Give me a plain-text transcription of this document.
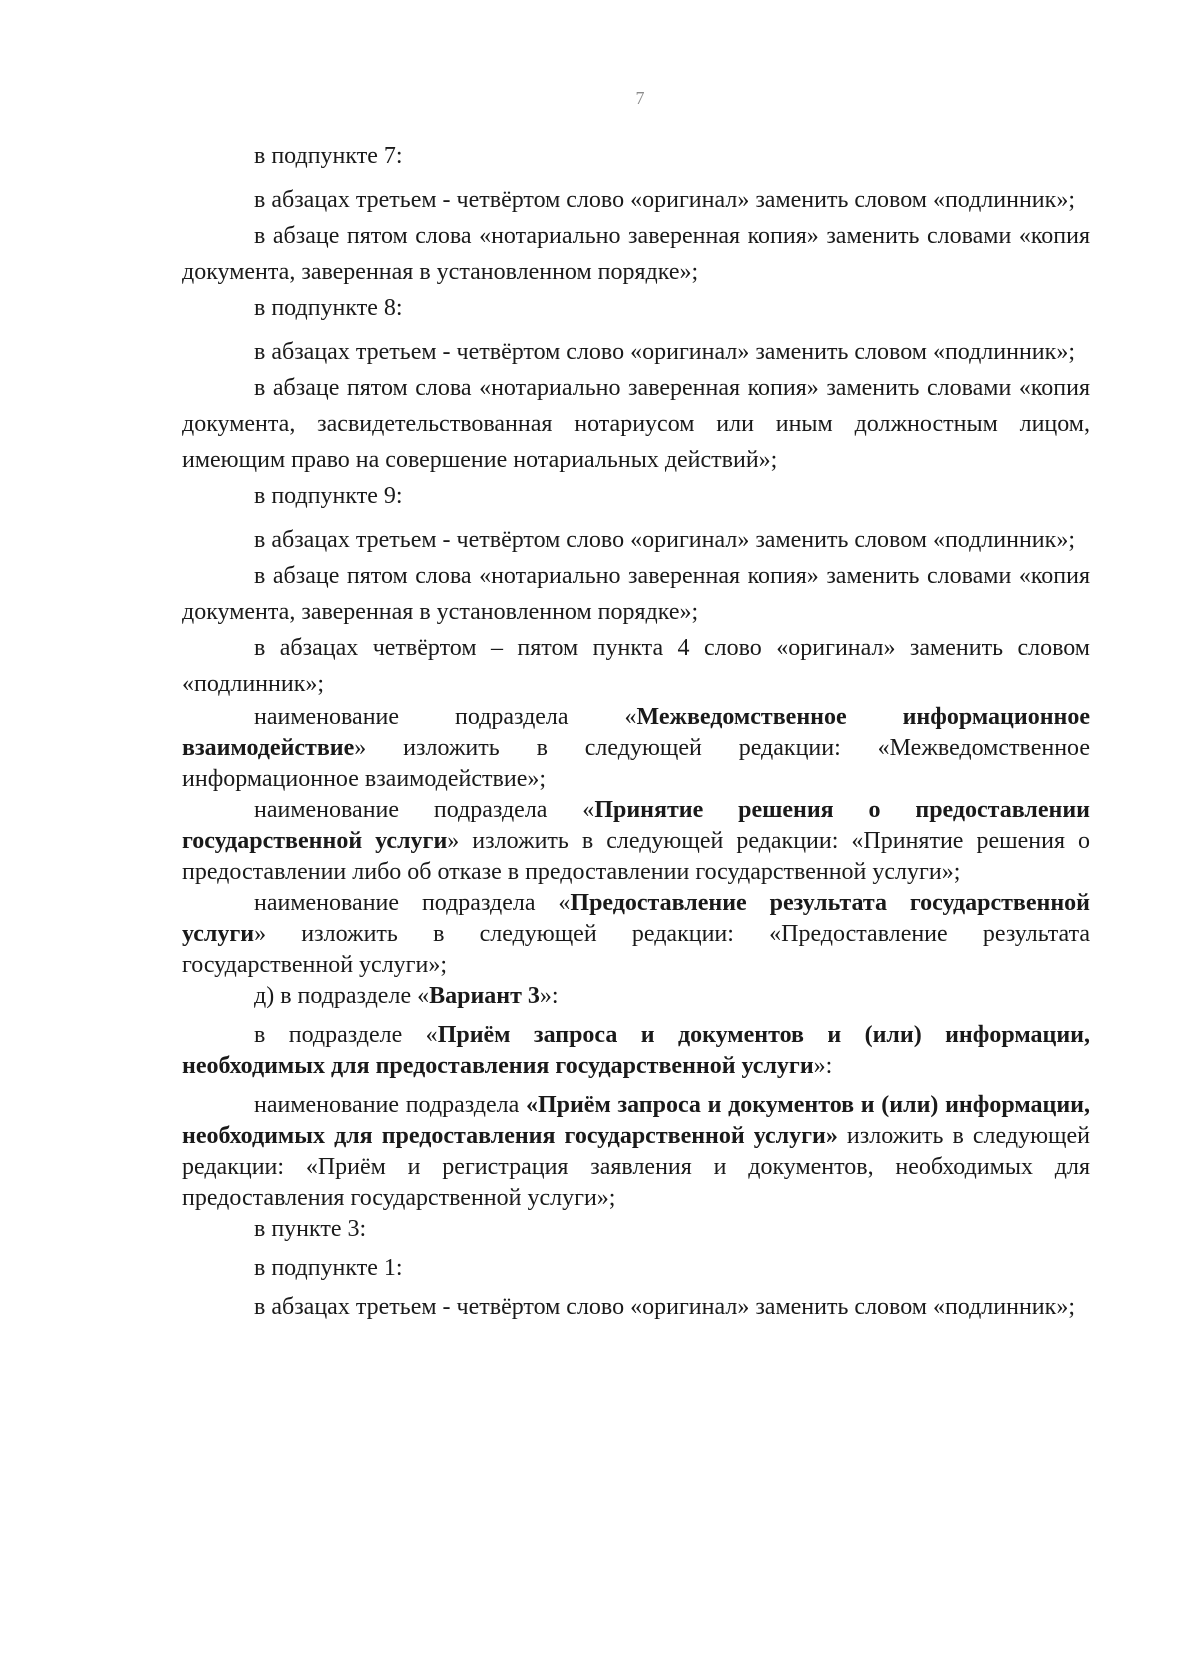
7

в подпункте 7:

в абзацах третьем - четвёртом слово «оригинал» заменить словом «подлинник»;

в абзаце пятом слова «нотариально заверенная копия» заменить словами «копия документа, заверенная в установленном порядке»;

в подпункте 8:

в абзацах третьем - четвёртом слово «оригинал» заменить словом «подлинник»;

в абзаце пятом слова «нотариально заверенная копия» заменить словами «копия документа, засвидетельствованная нотариусом или иным должностным лицом, имеющим право на совершение нотариальных действий»;

в подпункте 9:

в абзацах третьем - четвёртом слово «оригинал» заменить словом «подлинник»;

в абзаце пятом слова «нотариально заверенная копия» заменить словами «копия документа, заверенная в установленном порядке»;

в абзацах четвёртом – пятом пункта 4 слово «оригинал» заменить словом «подлинник»;

наименование подраздела «Межведомственное информационное взаимодействие» изложить в следующей редакции: «Межведомственное информационное взаимодействие»;

наименование подраздела «Принятие решения о предоставлении государственной услуги» изложить в следующей редакции: «Принятие решения о предоставлении либо об отказе в предоставлении государственной услуги»;

наименование подраздела «Предоставление результата государственной услуги» изложить в следующей редакции: «Предоставление результата государственной услуги»;

д) в подразделе «Вариант 3»:

в подразделе «Приём запроса и документов и (или) информации, необходимых для предоставления государственной услуги»:

наименование подраздела «Приём запроса и документов и (или) информации, необходимых для предоставления государственной услуги» изложить в следующей редакции: «Приём и регистрация заявления и документов, необходимых для предоставления государственной услуги»;

в пункте 3:

в подпункте 1:

в абзацах третьем - четвёртом слово «оригинал» заменить словом «подлинник»;
